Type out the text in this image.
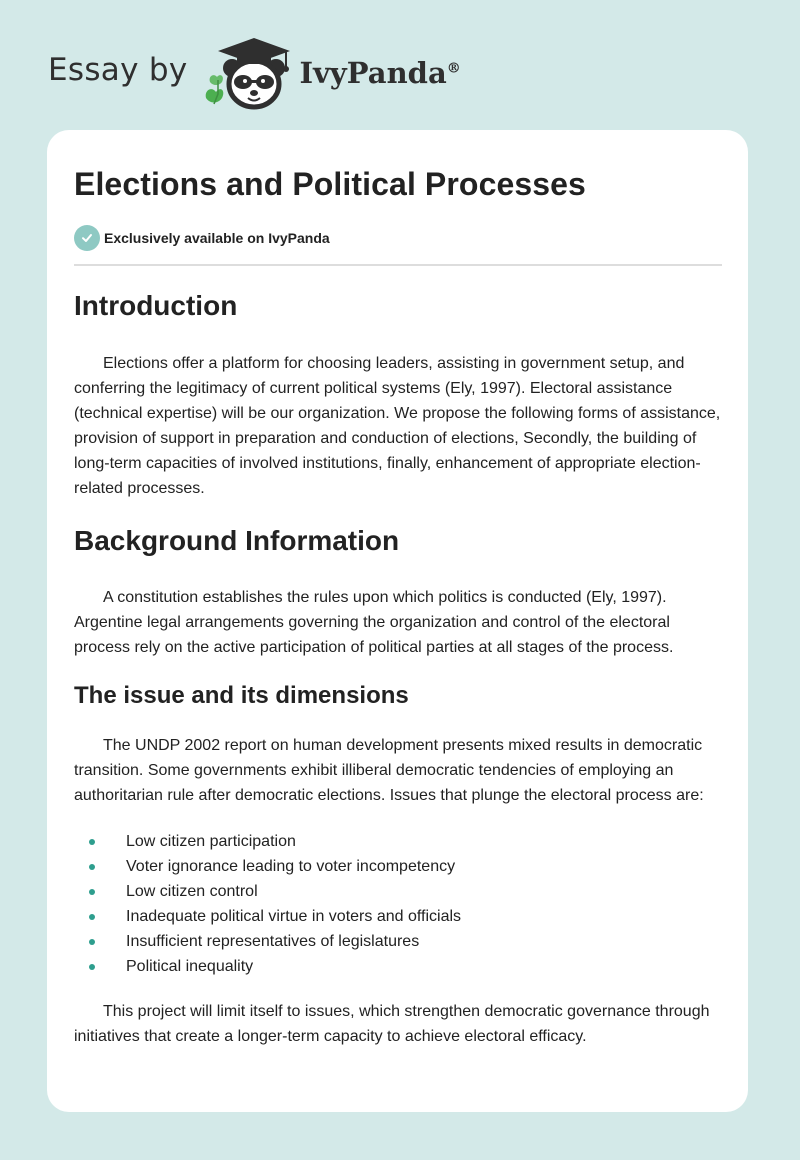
Essay by	IvyPanda®
Elections and Political Processes
Exclusively available on IvyPanda
Introduction

Elections offer a platform for choosing leaders, assisting in government setup, and conferring the legitimacy of current political systems (Ely, 1997). Electoral assistance (technical expertise) will be our organization. We propose the following forms of assistance, provision of support in preparation and conduction of elections, Secondly, the building of long-term capacities of involved institutions, finally, enhancement of appropriate election-related processes.

Background Information

A constitution establishes the rules upon which politics is conducted (Ely, 1997). Argentine legal arrangements governing the organization and control of the electoral process rely on the active participation of political parties at all stages of the process.

The issue and its dimensions

The UNDP 2002 report on human development presents mixed results in democratic transition. Some governments exhibit illiberal democratic tendencies of employing an authoritarian rule after democratic elections. Issues that plunge the electoral process are:

Low citizen participation
Voter ignorance leading to voter incompetency
Low citizen control
Inadequate political virtue in voters and officials
Insufficient representatives of legislatures
Political inequality

This project will limit itself to issues, which strengthen democratic governance through initiatives that create a longer-term capacity to achieve electoral efficacy.
